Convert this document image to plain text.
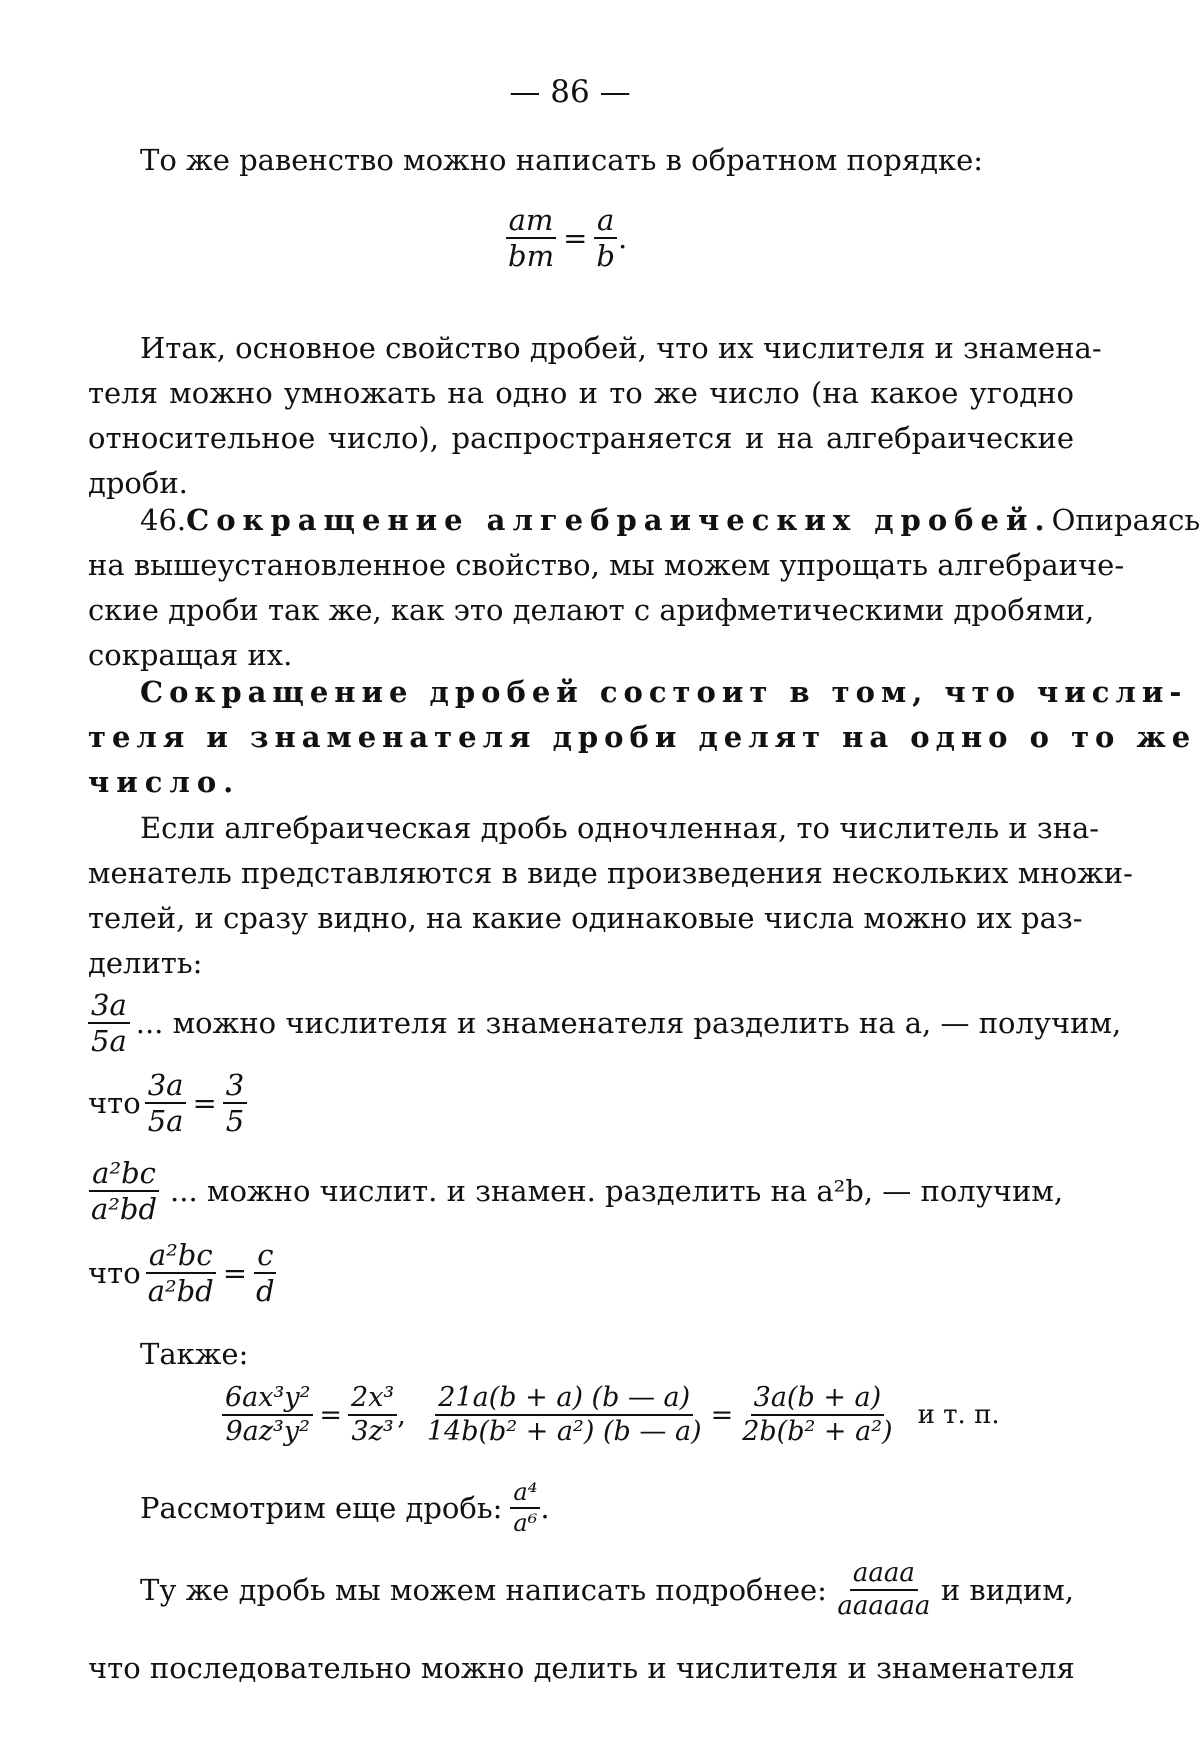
— 86 —
То же равенство можно написать в обратном порядке:
$\frac{am}{bm} = \frac{a}{b}$ .
Итак, основное свойство дробей, что их числителя и знамена-
теля можно умножать на одно и то же число (на какое угодно
относительное число), распространяется и на алгебраические
дроби.
46. Сокращение алгебраических дробей. Опираясь
на вышеустановленное свойство, мы можем упрощать алгебраиче-
ские дроби так же, как это делают с арифметическими дробями,
сокращая их.
Сокращение дробей состоит в том, что числи-
теля и знаменателя дроби делят на одно о то же
число.
Если алгебраическая дробь одночленная, то числитель и зна-
менатель представляются в виде произведения нескольких множи-
телей, и сразу видно, на какие одинаковые числа можно их раз-
делить:
$\frac{3a}{5a}$ ... можно числителя и знаменателя разделить на a, — получим,
что $\frac{3a}{5a} = \frac{3}{5}$
$\frac{\text{a²bc}}{\text{a²bd}}$ ... можно числит. и знамен. разделить на a²b, — получим,
что $\frac{\text{a²bc}}{\text{a²bd}} = \frac{c}{d}$
Также:
$\frac{\text{6ax³y²}}{\text{9az³y²}} = \frac{\text{2x³}}{\text{3z³}}$ , $\frac{21a(b + a) (b — a)}{\text{14b(b² + a²) (b — a)}} = \frac{3a(b + a)}{\text{2b(b² + a²)}}$ и т. п.
Рассмотрим еще дробь: $\frac{\text{a⁴}}{\text{a⁶}}$ .
Ту же дробь мы можем написать подробнее: $\frac{\text{aaaa}}{\text{aaaaaa}}$ и видим,
что последовательно можно делить и числителя и знаменателя
